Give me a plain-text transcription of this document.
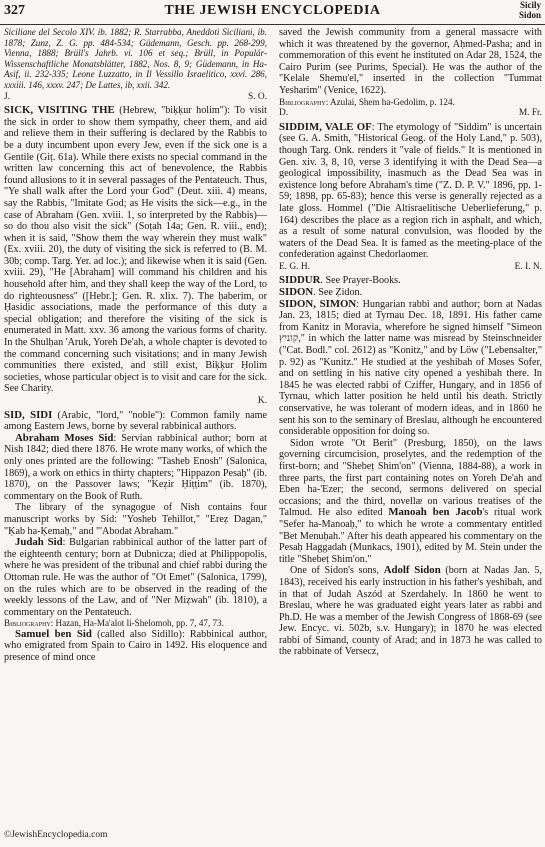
327	THE JEWISH ENCYCLOPEDIA	Sicily
Sidon

Siciliane del Secolo XIV. ib. 1882; R. Starrabba, Aneddoti Siciliani, ib. 1878; Zunz, Z. G. pp. 484-534; Güdemann, Gesch. pp. 268-299, Vienna, 1888; Brüll's Jahrb. vi. 106 et seq.; Brüll, in Populär-Wissenschaftliche Monatsblätter, 1882, Nos. 8, 9; Güdemann, in Ha-Asif, ii. 232-335; Leone Luzzatto, in Il Vessillo Israelitico, xxvi. 286, xxxiii. 146, xxxv. 247; De Lattes, ib, xxii. 342.

J.	S. O.

SICK, VISITING THE (Hebrew, "biḳḳur holim"): To visit the sick in order to show them sympathy, cheer them, and aid and relieve them in their suffering is declared by the Rabbis to be a duty incumbent upon every Jew, even if the sick one is a Gentile (Giṭ. 61a). While there exists no special command in the written law concerning this act of benevolence, the Rabbis found allusions to it in several passages of the Pentateuch. Thus, "Ye shall walk after the Lord your God" (Deut. xiii. 4) means, say the Rabbis, "Imitate God; as He visits the sick—e.g., in the case of Abraham (Gen. xviii. 1, so interpreted by the Rabbis)—so do thou also visit the sick" (Soṭah 14a; Gen. R. viii., end); when it is said, "Show them the way wherein they must walk" (Ex. xviii. 20), the duty of visiting the sick is referred to (B. M. 30b; comp. Targ. Yer. ad loc.); and likewise when it is said (Gen. xviii. 29), "He [Abraham] will command his children and his household after him, and they shall keep the way of the Lord, to do righteousness" ([Hebr.]; Gen. R. xlix. 7). The ḥaberim, or Ḥasidic associations, made the performance of this duty a special obligation; and therefore the visiting of the sick is enumerated in Matt. xxv. 36 among the various forms of charity. In the Shulḥan 'Aruk, Yoreh De'ah, a whole chapter is devoted to the command concerning such visitations; and in many Jewish communities there existed, and still exist, Biḳḳur Ḥolim societies, whose particular object is to visit and care for the sick. See Charity.

K.

SID, SIDI (Arabic, "lord," "noble"): Common family name among Eastern Jews, borne by several rabbinical authors.

Abraham Moses Sid: Servian rabbinical author; born at Nish 1842; died there 1876. He wrote many works, of which the only ones printed are the following: "Tasheb Enosh" (Salonica, 1869), a work on ethics in thirty chapters; "Hippazon Pesaḥ" (ib. 1870), on the Passover laws; "Keẓir Ḥiṭṭim" (ib. 1870), commentary on the Book of Ruth.

The library of the synagogue of Nish contains four manuscript works by Sid: "Yosheb Tehillot," "Ereẓ Dagan," "Ḳab ha-Ḳemaḥ," and "'Abodat Abraham."

Judah Sid: Bulgarian rabbinical author of the latter part of the eighteenth century; born at Dubnicza; died at Philippopolis, where he was president of the tribunal and chief rabbi during the Ottoman rule. He was the author of "Ot Emet" (Salonica, 1799), on the rules which are to be observed in the reading of the weekly lessons of the Law, and of "Ner Miẓwah" (ib. 1810), a commentary on the Pentateuch.

Bibliography: Hazan, Ha-Ma'alot li-Shelomoh, pp. 7, 47, 73.

Samuel ben Sid (called also Sidillo): Rabbinical author, who emigrated from Spain to Cairo in 1492. His eloquence and presence of mind once

saved the Jewish community from a general massacre with which it was threatened by the governor, Aḥmed-Pasha; and in commemoration of this event he instituted on Adar 28, 1524, the Cairo Purim (see Purims, Special). He was the author of the "Kelale Shemu'el," inserted in the collection "Tummat Yesharim" (Venice, 1622).

Bibliography: Azulai, Shem ha-Gedolim, p. 124.

D.	M. Fr.

SIDDIM, VALE OF: The etymology of "Siddim" is uncertain (see G. A. Smith, "Historical Geog. of the Holy Land," p. 503), though Targ. Onk. renders it "vale of fields." It is mentioned in Gen. xiv. 3, 8, 10, verse 3 identifying it with the Dead Sea—a geological impossibility, inasmuch as the Dead Sea was in existence long before Abraham's time ("Z. D. P. V." 1896, pp. 1-59; 1898, pp. 65-83); hence this verse is generally rejected as a late gloss. Hommel ("Die Altisraelitische Ueberlieferung," p. 164) describes the place as a region rich in asphalt, and which, as a result of some natural convulsion, was flooded by the waters of the Dead Sea. It is famed as the meeting-place of the confederation against Chedorlaomer.

E. G. H.	E. I. N.

SIDDUR. See Prayer-Books.

SIDON. See Ẓidon.

SIDON, SIMON: Hungarian rabbi and author; born at Nadas Jan. 23, 1815; died at Tyrnau Dec. 18, 1891. His father came from Kanitz in Moravia, wherefore he signed himself "Simeon קוניץ," in which the latter name was misread by Steinschneider ("Cat. Bodl." col. 2612) as "Konitz," and by Löw ("Lebensalter," p. 92) as "Kunitz." He studied at the yeshibah of Moses Sofer, and on settling in his native city opened a yeshibah there. In 1845 he was elected rabbi of Cziffer, Hungary, and in 1856 of Tyrnau, which latter position he held until his death. Strictly conservative, he was tolerant of modern ideas, and in 1860 he sent his son to the seminary of Breslau, although he encountered considerable opposition for doing so.

Sidon wrote "Ot Berit" (Presburg, 1850), on the laws governing circumcision, proselytes, and the redemption of the first-born; and "Shebeṭ Shim'on" (Vienna, 1884-88), a work in three parts, the first part containing notes on Yoreh De'ah and Eben ha-'Ezer; the second, sermons delivered on special occasions; and the third, novellæ on various treatises of the Talmud. He also edited Manoah ben Jacob's ritual work "Sefer ha-Manoaḥ," to which he wrote a commentary entitled "Bet Menuḥah." After his death appeared his commentary on the Pesaḥ Haggadah (Munkacs, 1901), edited by M. Stein under the title "Shebeṭ Shim'on."

One of Sidon's sons, Adolf Sidon (born at Nadas Jan. 5, 1843), received his early instruction in his father's yeshibah, and in that of Judah Aszód at Szerdahely. In 1860 he went to Breslau, where he was graduated eight years later as rabbi and Ph.D. He was a member of the Jewish Congress of 1868-69 (see Jew. Encyc. vi. 502b, s.v. Hungary); in 1870 he was elected rabbi of Simand, county of Arad; and in 1873 he was called to the rabbinate of Versecz,

©JewishEncyclopedia.com
